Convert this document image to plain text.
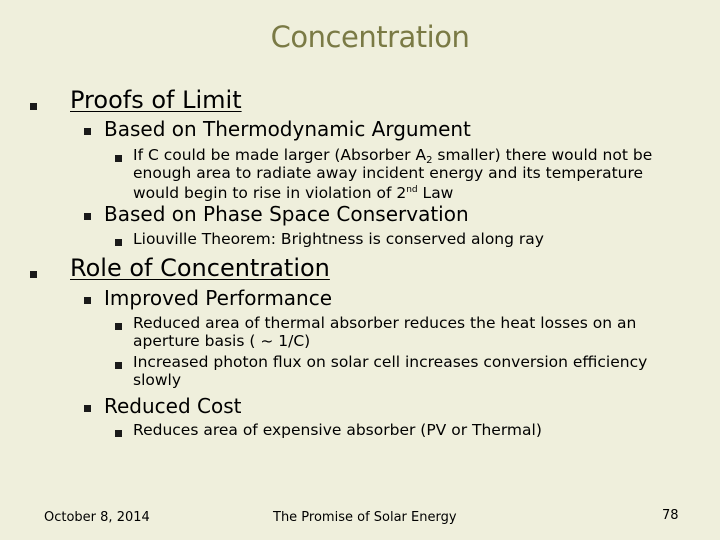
Concentration
Proofs of Limit
Based on Thermodynamic Argument
If C could be made larger (Absorber $A_2$ smaller) there would not be
enough area to radiate away incident energy and its temperature
would begin to rise in violation of 2nd Law
Based on Phase Space Conservation
Liouville Theorem: Brightness is conserved along ray
Role of Concentration
Improved Performance
Reduced area of thermal absorber reduces the heat losses on an
aperture basis ( ~ 1/C)
Increased photon flux on solar cell increases conversion efficiency
slowly
Reduced Cost
Reduces area of expensive absorber (PV or Thermal)
October 8, 2014	The Promise of Solar Energy	78
